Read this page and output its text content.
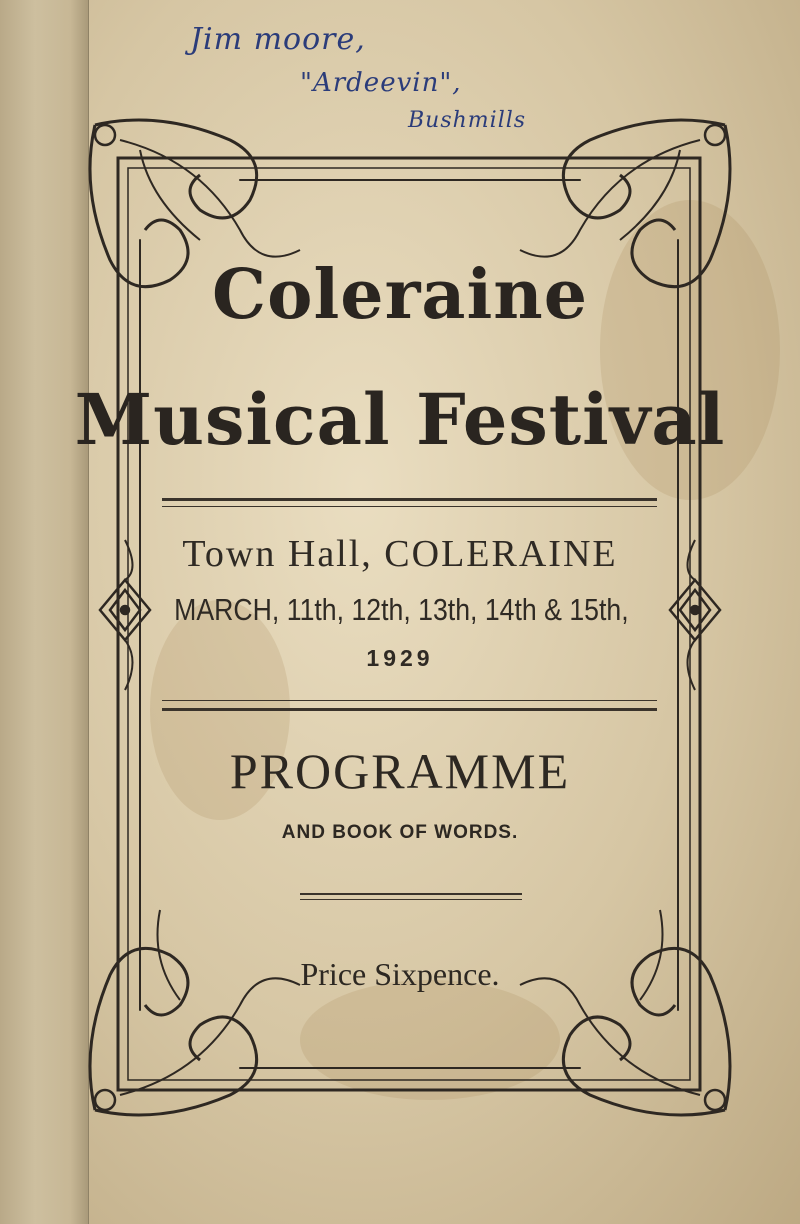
Jim moore,
"Ardeevin",
Bushmills
Coleraine
Musical Festival
Town Hall, COLERAINE
MARCH, 11th, 12th, 13th, 14th & 15th,
1929
PROGRAMME
AND BOOK OF WORDS.
Price Sixpence.
